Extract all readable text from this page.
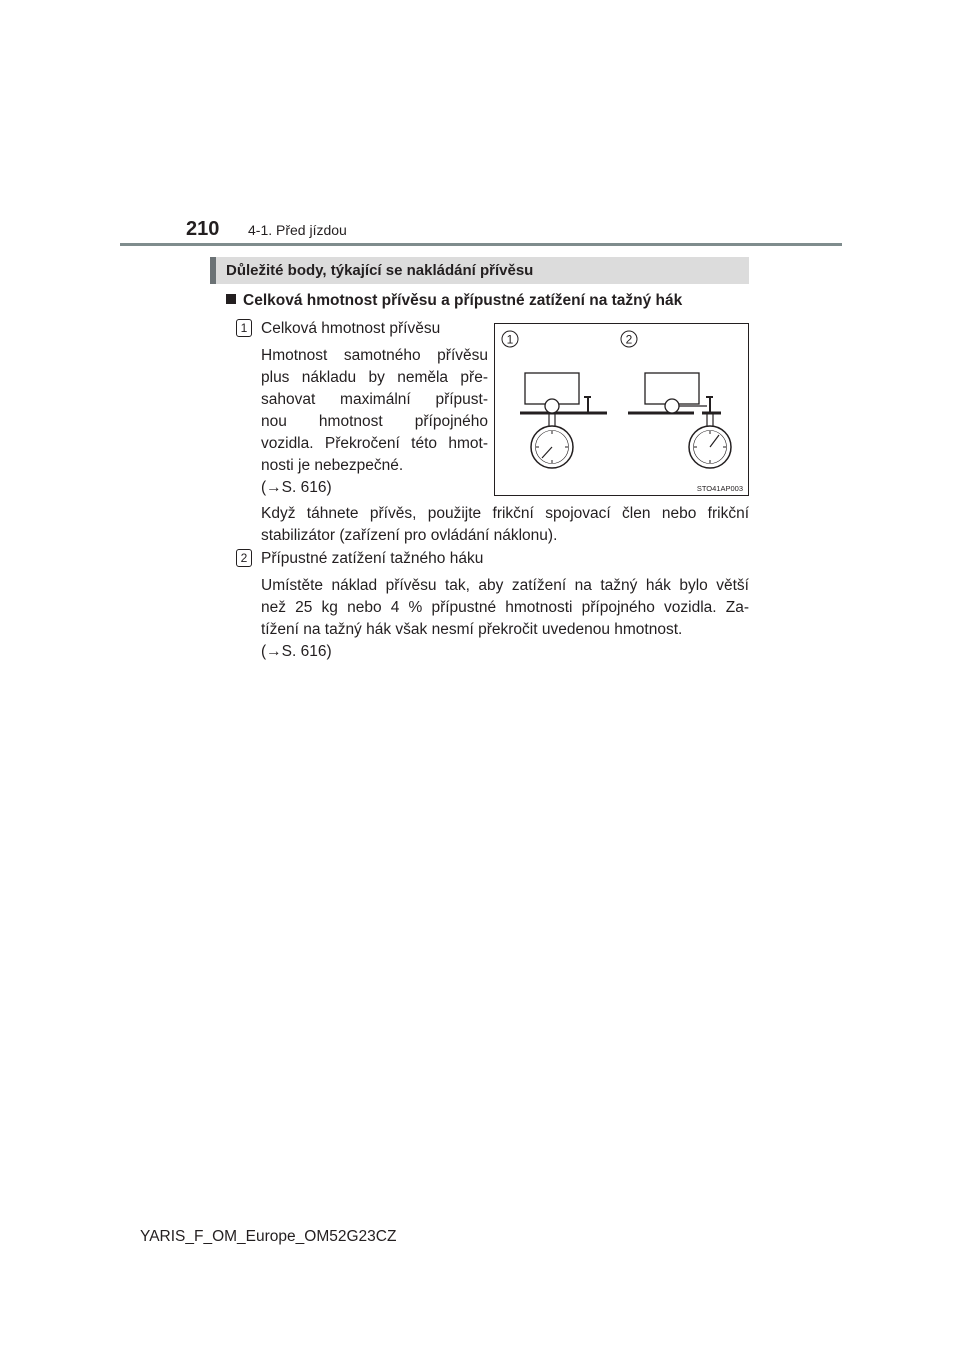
210 4-1. Před jízdou
Důležité body, týkající se nakládání přívěsu
Celková hmotnost přívěsu a přípustné zatížení na tažný hák
1 Celková hmotnost přívěsu
Hmotnost samotného přívěsu
plus nákladu by neměla pře-
sahovat maximální přípust-
nou hmotnost přípojného
vozidla. Překročení této hmot-
nosti je nebezpečné.
(→S. 616)
Když táhnete přívěs, použijte frikční spojovací člen nebo frikční
stabilizátor (zařízení pro ovládání náklonu).
2 Přípustné zatížení tažného háku
Umístěte náklad přívěsu tak, aby zatížení na tažný hák bylo větší
než 25 kg nebo 4 % přípustné hmotnosti přípojného vozidla. Za-
tížení na tažný hák však nesmí překročit uvedenou hmotnost.
(→S. 616)
1	2
STO41AP003
YARIS_F_OM_Europe_OM52G23CZ
